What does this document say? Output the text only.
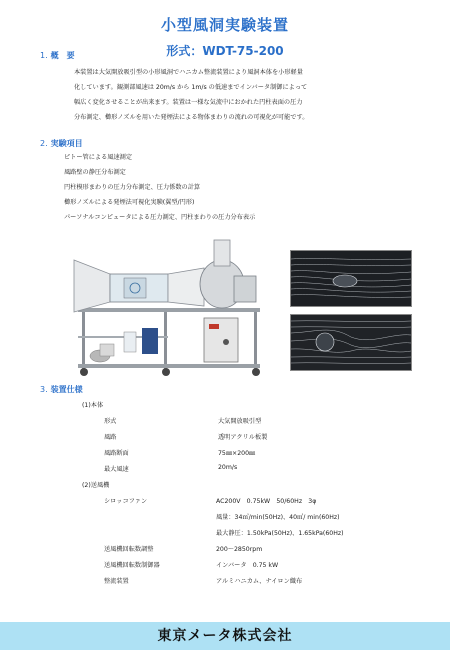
小型風洞実験装置
形式：WDT-75-200
1. 概　要
本装置は大気開放吸引型の小形風洞でハニカム整流装置により風洞本体を小形軽量
化しています。観測部風速は 20m/s から 1m/s の低速までインバータ制御によって
幅広く変化させることが出来ます。装置は一様な気流中におかれた円柱表面の圧力
分布測定、櫛形ノズルを用いた発煙法による物体まわりの流れの可視化が可能です。
2. 実験項目
ピトー管による風速測定
風路壁の静圧分布測定
円柱模形まわりの圧力分布測定、圧力係数の計算
櫛形ノズルによる発煙法可視化実験(翼型/円形)
パーソナルコンピュータによる圧力測定、円柱まわりの圧力分布表示
3. 装置仕様
(1)本体
形式	大気開放吸引型
風路	透明アクリル板製
風路断面	75㎜×200㎜
最大風速	20m/s
(2)送風機
シロッコファン	AC200V　0.75kW　50/60Hz　3φ
風量：34㎥/min(50Hz)、40㎥/ min(60Hz)
最大静圧：1.50kPa(50Hz)、1.65kPa(60Hz)
送風機回転数調整	200～2850rpm
送風機回転数制御器	インバータ　0.75 kW
整流装置	アルミハニカム、ナイロン織布
東京メータ株式会社
